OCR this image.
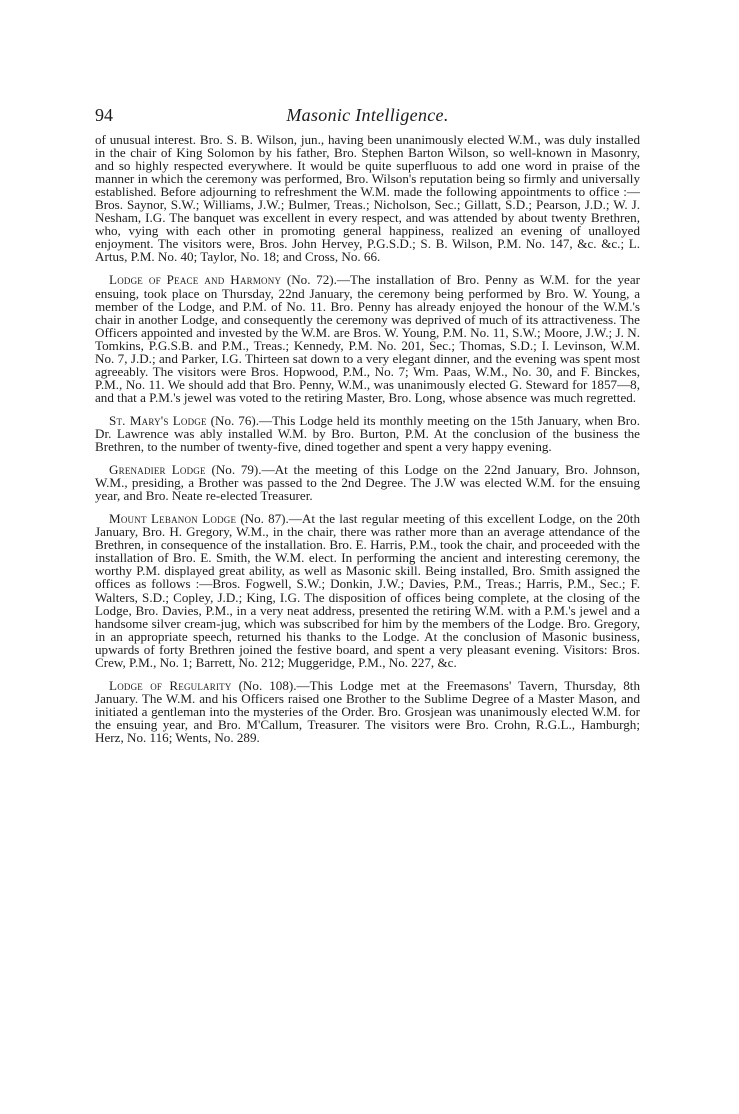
94	Masonic Intelligence.

of unusual interest. Bro. S. B. Wilson, jun., having been unanimously elected W.M., was duly installed in the chair of King Solomon by his father, Bro. Stephen Barton Wilson, so well-known in Masonry, and so highly respected everywhere. It would be quite superfluous to add one word in praise of the manner in which the ceremony was performed, Bro. Wilson's reputation being so firmly and universally established. Before adjourning to refreshment the W.M. made the following appointments to office :—Bros. Saynor, S.W.; Williams, J.W.; Bulmer, Treas.; Nicholson, Sec.; Gillatt, S.D.; Pearson, J.D.; W. J. Nesham, I.G. The banquet was excellent in every respect, and was attended by about twenty Brethren, who, vying with each other in promoting general happiness, realized an evening of unalloyed enjoyment. The visitors were, Bros. John Hervey, P.G.S.D.; S. B. Wilson, P.M. No. 147, &c. &c.; L. Artus, P.M. No. 40; Taylor, No. 18; and Cross, No. 66.

Lodge of Peace and Harmony (No. 72).—The installation of Bro. Penny as W.M. for the year ensuing, took place on Thursday, 22nd January, the ceremony being performed by Bro. W. Young, a member of the Lodge, and P.M. of No. 11. Bro. Penny has already enjoyed the honour of the W.M.'s chair in another Lodge, and consequently the ceremony was deprived of much of its attractiveness. The Officers appointed and invested by the W.M. are Bros. W. Young, P.M. No. 11, S.W.; Moore, J.W.; J. N. Tomkins, P.G.S.B. and P.M., Treas.; Kennedy, P.M. No. 201, Sec.; Thomas, S.D.; I. Levinson, W.M. No. 7, J.D.; and Parker, I.G. Thirteen sat down to a very elegant dinner, and the evening was spent most agreeably. The visitors were Bros. Hopwood, P.M., No. 7; Wm. Paas, W.M., No. 30, and F. Binckes, P.M., No. 11. We should add that Bro. Penny, W.M., was unanimously elected G. Steward for 1857—8, and that a P.M.'s jewel was voted to the retiring Master, Bro. Long, whose absence was much regretted.

St. Mary's Lodge (No. 76).—This Lodge held its monthly meeting on the 15th January, when Bro. Dr. Lawrence was ably installed W.M. by Bro. Burton, P.M. At the conclusion of the business the Brethren, to the number of twenty-five, dined together and spent a very happy evening.

Grenadier Lodge (No. 79).—At the meeting of this Lodge on the 22nd January, Bro. Johnson, W.M., presiding, a Brother was passed to the 2nd Degree. The J.W was elected W.M. for the ensuing year, and Bro. Neate re-elected Treasurer.

Mount Lebanon Lodge (No. 87).—At the last regular meeting of this excellent Lodge, on the 20th January, Bro. H. Gregory, W.M., in the chair, there was rather more than an average attendance of the Brethren, in consequence of the installation. Bro. E. Harris, P.M., took the chair, and proceeded with the installation of Bro. E. Smith, the W.M. elect. In performing the ancient and interesting ceremony, the worthy P.M. displayed great ability, as well as Masonic skill. Being installed, Bro. Smith assigned the offices as follows :—Bros. Fogwell, S.W.; Donkin, J.W.; Davies, P.M., Treas.; Harris, P.M., Sec.; F. Walters, S.D.; Copley, J.D.; King, I.G. The disposition of offices being complete, at the closing of the Lodge, Bro. Davies, P.M., in a very neat address, presented the retiring W.M. with a P.M.'s jewel and a handsome silver cream-jug, which was subscribed for him by the members of the Lodge. Bro. Gregory, in an appropriate speech, returned his thanks to the Lodge. At the conclusion of Masonic business, upwards of forty Brethren joined the festive board, and spent a very pleasant evening. Visitors: Bros. Crew, P.M., No. 1; Barrett, No. 212; Muggeridge, P.M., No. 227, &c.

Lodge of Regularity (No. 108).—This Lodge met at the Freemasons' Tavern, Thursday, 8th January. The W.M. and his Officers raised one Brother to the Sublime Degree of a Master Mason, and initiated a gentleman into the mysteries of the Order. Bro. Grosjean was unanimously elected W.M. for the ensuing year, and Bro. M'Callum, Treasurer. The visitors were Bro. Crohn, R.G.L., Hamburgh; Herz, No. 116; Wents, No. 289.
